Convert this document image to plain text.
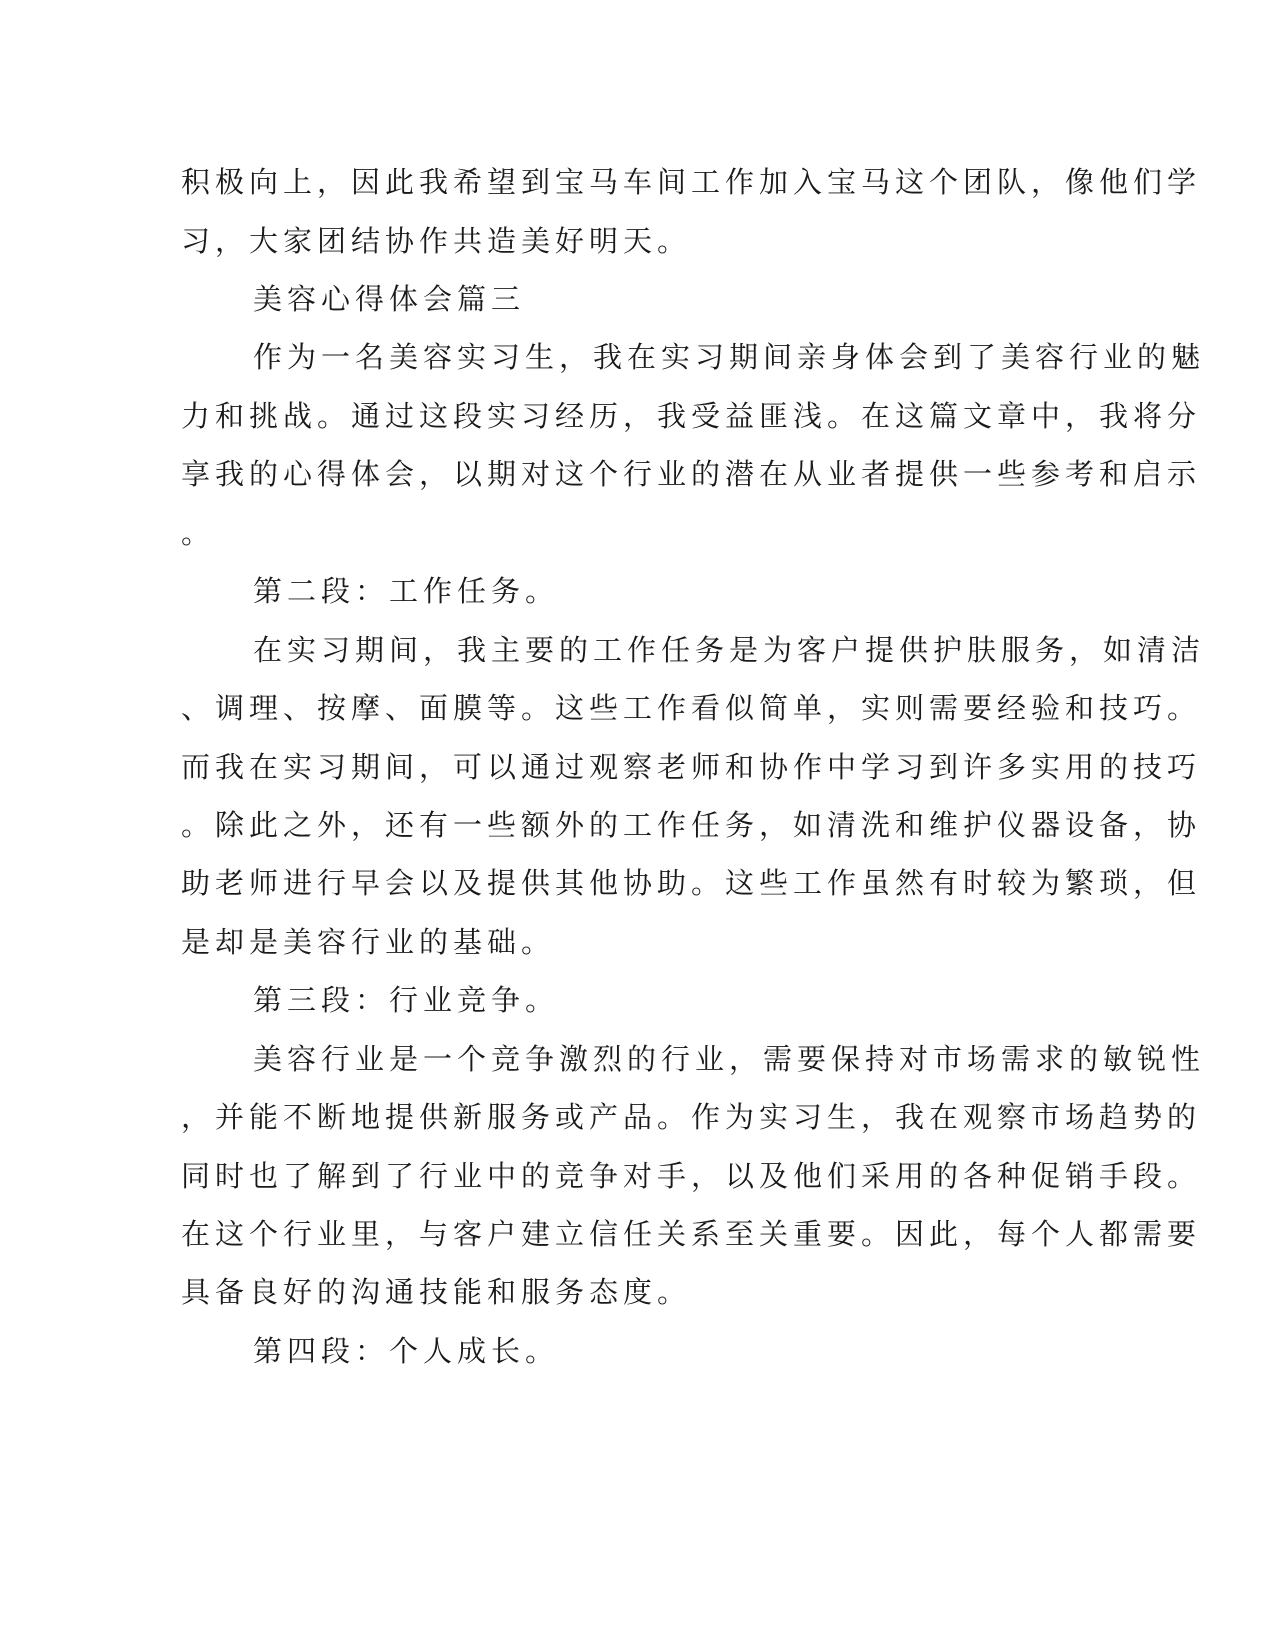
积极向上，因此我希望到宝马车间工作加入宝马这个团队，像他们学
习，大家团结协作共造美好明天。
美容心得体会篇三
作为一名美容实习生，我在实习期间亲身体会到了美容行业的魅
力和挑战。通过这段实习经历，我受益匪浅。在这篇文章中，我将分
享我的心得体会，以期对这个行业的潜在从业者提供一些参考和启示
。
第二段：工作任务。
在实习期间，我主要的工作任务是为客户提供护肤服务，如清洁
、调理、按摩、面膜等。这些工作看似简单，实则需要经验和技巧。
而我在实习期间，可以通过观察老师和协作中学习到许多实用的技巧
。除此之外，还有一些额外的工作任务，如清洗和维护仪器设备，协
助老师进行早会以及提供其他协助。这些工作虽然有时较为繁琐，但
是却是美容行业的基础。
第三段：行业竞争。
美容行业是一个竞争激烈的行业，需要保持对市场需求的敏锐性
，并能不断地提供新服务或产品。作为实习生，我在观察市场趋势的
同时也了解到了行业中的竞争对手，以及他们采用的各种促销手段。
在这个行业里，与客户建立信任关系至关重要。因此，每个人都需要
具备良好的沟通技能和服务态度。
第四段：个人成长。
